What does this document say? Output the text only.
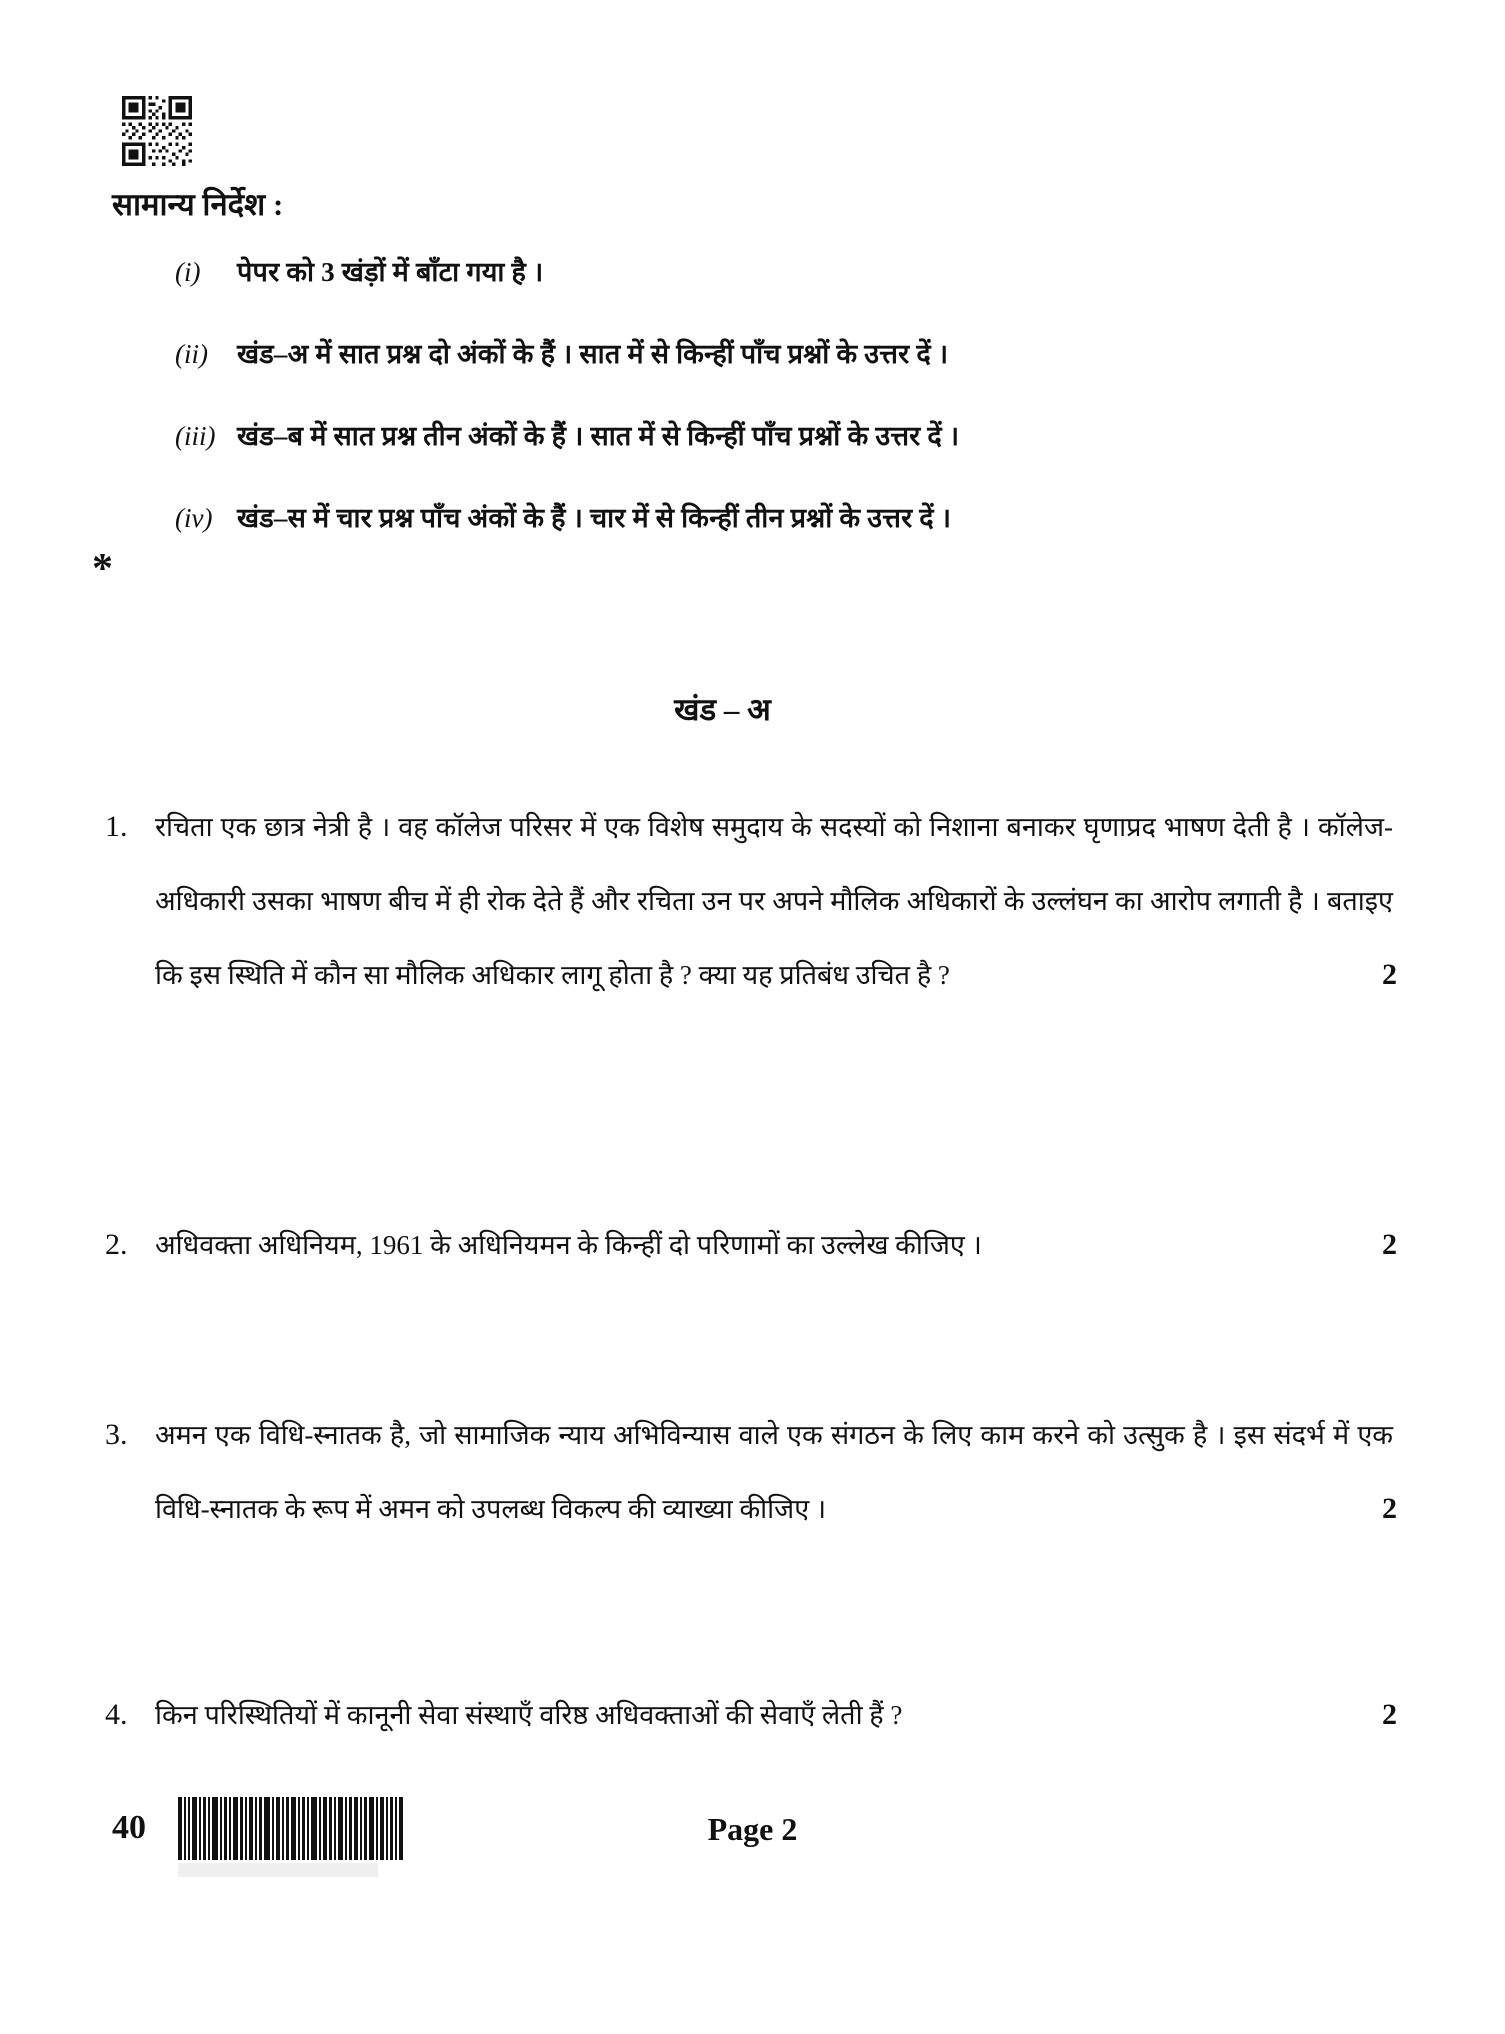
सामान्य निर्देश :
(i)	पेपर को 3 खंड़ों में बाँटा गया है ।
(ii)	खंड–अ में सात प्रश्न दो अंकों के हैं । सात में से किन्हीं पाँच प्रश्नों के उत्तर दें ।
(iii) खंड–ब में सात प्रश्न तीन अंकों के हैं । सात में से किन्हीं पाँच प्रश्नों के उत्तर दें ।
(iv) खंड–स में चार प्रश्न पाँच अंकों के हैं । चार में से किन्हीं तीन प्रश्नों के उत्तर दें ।
*
खंड – अ
1.	रचिता एक छात्र नेत्री है । वह कॉलेज परिसर में एक विशेष समुदाय के सदस्यों को निशाना बनाकर घृणाप्रद भाषण देती है । कॉलेज-अधिकारी उसका भाषण बीच में ही रोक देते हैं और रचिता उन पर अपने मौलिक अधिकारों के उल्लंघन का आरोप लगाती है । बताइए कि इस स्थिति में कौन सा मौलिक अधिकार लागू होता है ? क्या यह प्रतिबंध उचित है ?	2
2.	अधिवक्ता अधिनियम, 1961 के अधिनियमन के किन्हीं दो परिणामों का उल्लेख कीजिए ।	2
3.	अमन एक विधि-स्नातक है, जो सामाजिक न्याय अभिविन्यास वाले एक संगठन के लिए काम करने को उत्सुक है । इस संदर्भ में एक विधि-स्नातक के रूप में अमन को उपलब्ध विकल्प की व्याख्या कीजिए ।	2
4.	किन परिस्थितियों में कानूनी सेवा संस्थाएँ वरिष्ठ अधिवक्ताओं की सेवाएँ लेती हैं ?	2
40	Page 2
